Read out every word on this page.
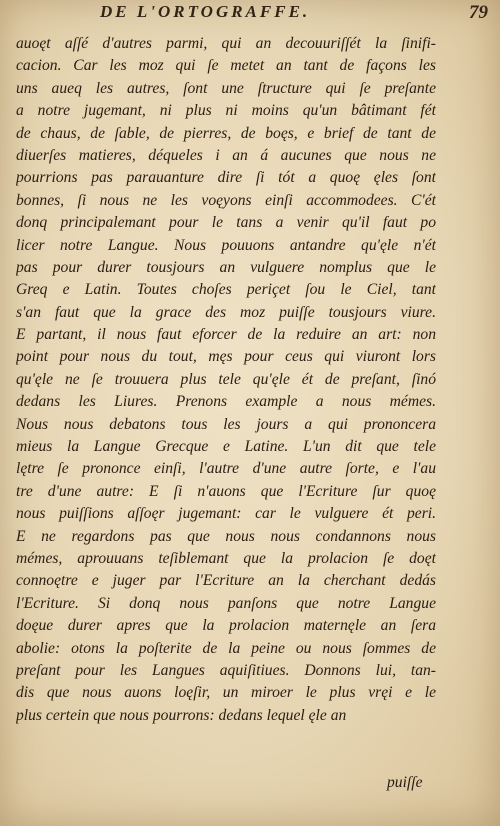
DE L'ORTOGRAFFE.	79
auoęt aſſé d'autres parmi, qui an decouuriſſét la ſinifi-
cacion. Car les moz qui ſe metet an tant de façons les
uns aueq les autres, ſont une ſtructure qui ſe preſante
a notre jugemant, ni plus ni moins qu'un bâtimant fét
de chaus, de ſable, de pierres, de boęs, e brief de tant de
diuerſes matieres, déqueles i an á aucunes que nous ne
pourrions pas parauanture dire ſi tót a quoę ęles ſont
bonnes, ſi nous ne les voęyons einſi accommodees. C'ét
donq principalemant pour le tans a venir qu'il faut po
licer notre Langue. Nous pouuons antandre qu'ęle n'ét
pas pour durer tousjours an vulguere nomplus que le
Greq e Latin. Toutes choſes periçet ſou le Ciel, tant
s'an faut que la grace des moz puiſſe tousjours viure.
E partant, il nous faut eforcer de la reduire an art: non
point pour nous du tout, męs pour ceus qui viuront lors
qu'ęle ne ſe trouuera plus tele qu'ęle ét de preſant, ſinó
dedans les Liures. Prenons example a nous mémes.
Nous nous debatons tous les jours a qui prononcera
mieus la Langue Grecque e Latine. L'un dit que tele
lętre ſe prononce einſi, l'autre d'une autre ſorte, e l'au
tre d'une autre: E ſi n'auons que l'Ecriture ſur quoę
nous puiſſions aſſoęr jugemant: car le vulguere ét peri.
E ne regardons pas que nous nous condannons nous
mémes, aprouuans teſiblemant que la prolacion ſe doęt
connoętre e juger par l'Ecriture an la cherchant dedás
l'Ecriture. Si donq nous panſons que notre Langue
doęue durer apres que la prolacion maternęle an ſera
abolie: otons la poſterite de la peine ou nous ſommes de
preſant pour les Langues aquiſitiues. Donnons lui, tan-
dis que nous auons loęſir, un miroer le plus vręi e le
plus certein que nous pourrons: dedans lequel ęle an
puiſſe
